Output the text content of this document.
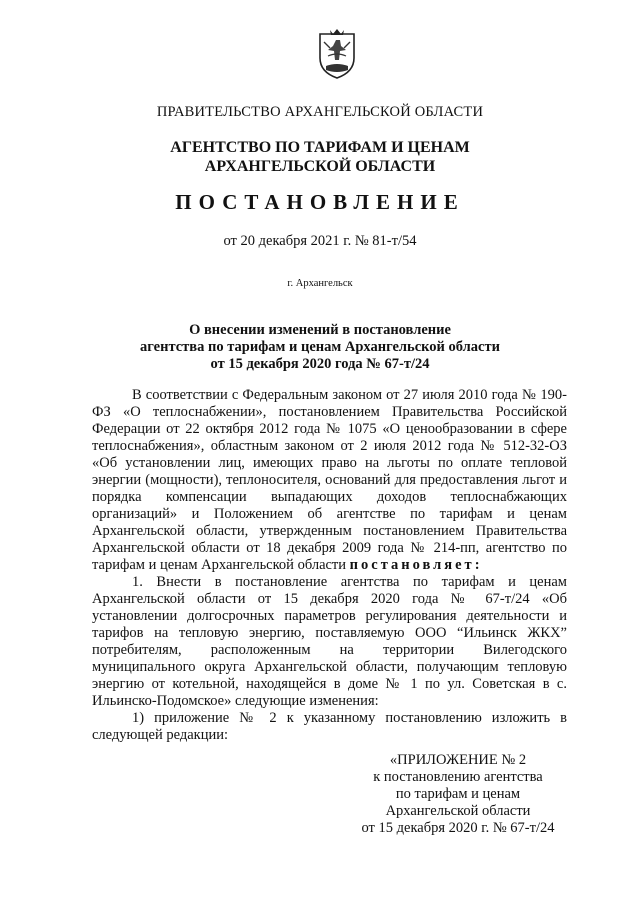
ПРАВИТЕЛЬСТВО АРХАНГЕЛЬСКОЙ ОБЛАСТИ
АГЕНТСТВО ПО ТАРИФАМ И ЦЕНАМ
АРХАНГЕЛЬСКОЙ ОБЛАСТИ
ПОСТАНОВЛЕНИЕ
от 20 декабря 2021 г. № 81-т/54
г. Архангельск
О внесении изменений в постановление
агентства по тарифам и ценам Архангельской области
от 15 декабря 2020 года № 67-т/24

В соответствии с Федеральным законом от 27 июля 2010 года № 190-ФЗ «О теплоснабжении», постановлением Правительства Российской Федерации от 22 октября 2012 года № 1075 «О ценообразовании в сфере теплоснабжения», областным законом от 2 июля 2012 года № 512-32-ОЗ «Об установлении лиц, имеющих право на льготы по оплате тепловой энергии (мощности), теплоносителя, оснований для предоставления льгот и порядка компенсации выпадающих доходов теплоснабжающих организаций» и Положением об агентстве по тарифам и ценам Архангельской области, утвержденным постановлением Правительства Архангельской области от 18 декабря 2009 года № 214-пп, агентство по тарифам и ценам Архангельской области постановляет:

1. Внести в постановление агентства по тарифам и ценам Архангельской области от 15 декабря 2020 года № 67-т/24 «Об установлении долгосрочных параметров регулирования деятельности и тарифов на тепловую энергию, поставляемую ООО “Ильинск ЖКХ” потребителям, расположенным на территории Вилегодского муниципального округа Архангельской области, получающим тепловую энергию от котельной, находящейся в доме № 1 по ул. Советская в с. Ильинско-Подомское» следующие изменения:

1) приложение № 2 к указанному постановлению изложить в следующей редакции:

«ПРИЛОЖЕНИЕ № 2
к постановлению агентства
по тарифам и ценам
Архангельской области
от 15 декабря 2020 г. № 67-т/24
